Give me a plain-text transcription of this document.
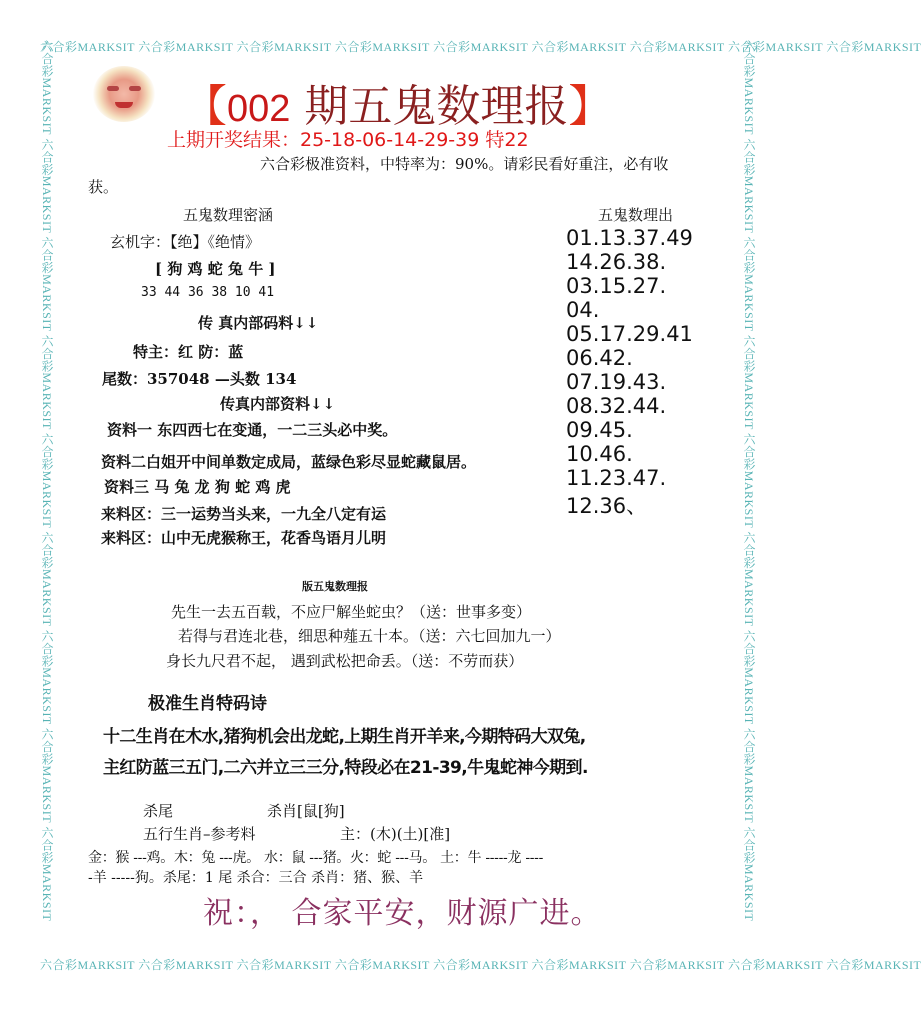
六合彩MARKSIT 六合彩MARKSIT 六合彩MARKSIT 六合彩MARKSIT 六合彩MARKSIT 六合彩MARKSIT 六合彩MARKSIT 六合彩MARKSIT 六合彩MARKSIT
六合彩MARKSIT 六合彩MARKSIT 六合彩MARKSIT 六合彩MARKSIT 六合彩MARKSIT 六合彩MARKSIT 六合彩MARKSIT 六合彩MARKSIT 六合彩MARKSIT
六合彩MARKSIT 六合彩MARKSIT 六合彩MARKSIT 六合彩MARKSIT 六合彩MARKSIT 六合彩MARKSIT 六合彩MARKSIT 六合彩MARKSIT 六合彩MARKSIT	六合彩MARKSIT 六合彩MARKSIT 六合彩MARKSIT 六合彩MARKSIT 六合彩MARKSIT 六合彩MARKSIT 六合彩MARKSIT 六合彩MARKSIT 六合彩MARKSIT
【002 期五鬼数理报】
上期开奖结果：25-18-06-14-29-39 特22
六合彩极准资料，中特率为：90%。请彩民看好重注，必有收
获。
五鬼数理密涵
玄机字：【绝】《绝情》
[ 狗 鸡 蛇 兔 牛 ]
33 44 36 38 10 41
传 真内部码料↓↓
特主：红 防：蓝
尾数：357048 —头数 134
传真内部资料↓↓
资料一 东四西七在变通，一二三头必中奖。
资料二白姐开中间单数定成局，蓝绿色彩尽显蛇藏鼠居。
资料三 马 兔 龙 狗 蛇 鸡 虎
来料区：三一运势当头来，一九全八定有运
来料区：山中无虎猴称王，花香鸟语月儿明
五鬼数理出
01.13.37.49
14.26.38.
03.15.27.
04.
05.17.29.41
06.42.
07.19.43.
08.32.44.
09.45.
10.46.
11.23.47.
12.36、
版五鬼数理报
先生一去五百载，不应尸解坐蛇虫？（送：世事多变）
若得与君连北巷，细思种薤五十本。（送：六七回加九一）
身长九尺君不起， 遇到武松把命丢。（送：不劳而获）
极准生肖特码诗
十二生肖在木水,猪狗机会出龙蛇,上期生肖开羊来,今期特码大双兔,
主红防蓝三五门,二六并立三三分,特段必在21-39,牛鬼蛇神今期到.
杀尾	杀肖[鼠[狗]
五行生肖–参考料	主：(木)(土)[准]
金：猴 ---鸡。木：兔 ---虎。 水：鼠 ---猪。火：蛇 ---马。 土：牛 -----龙 ----
-羊 -----狗。杀尾：1 尾 杀合：三合 杀肖：猪、猴、羊
祝：， 合家平安，财源广进。
